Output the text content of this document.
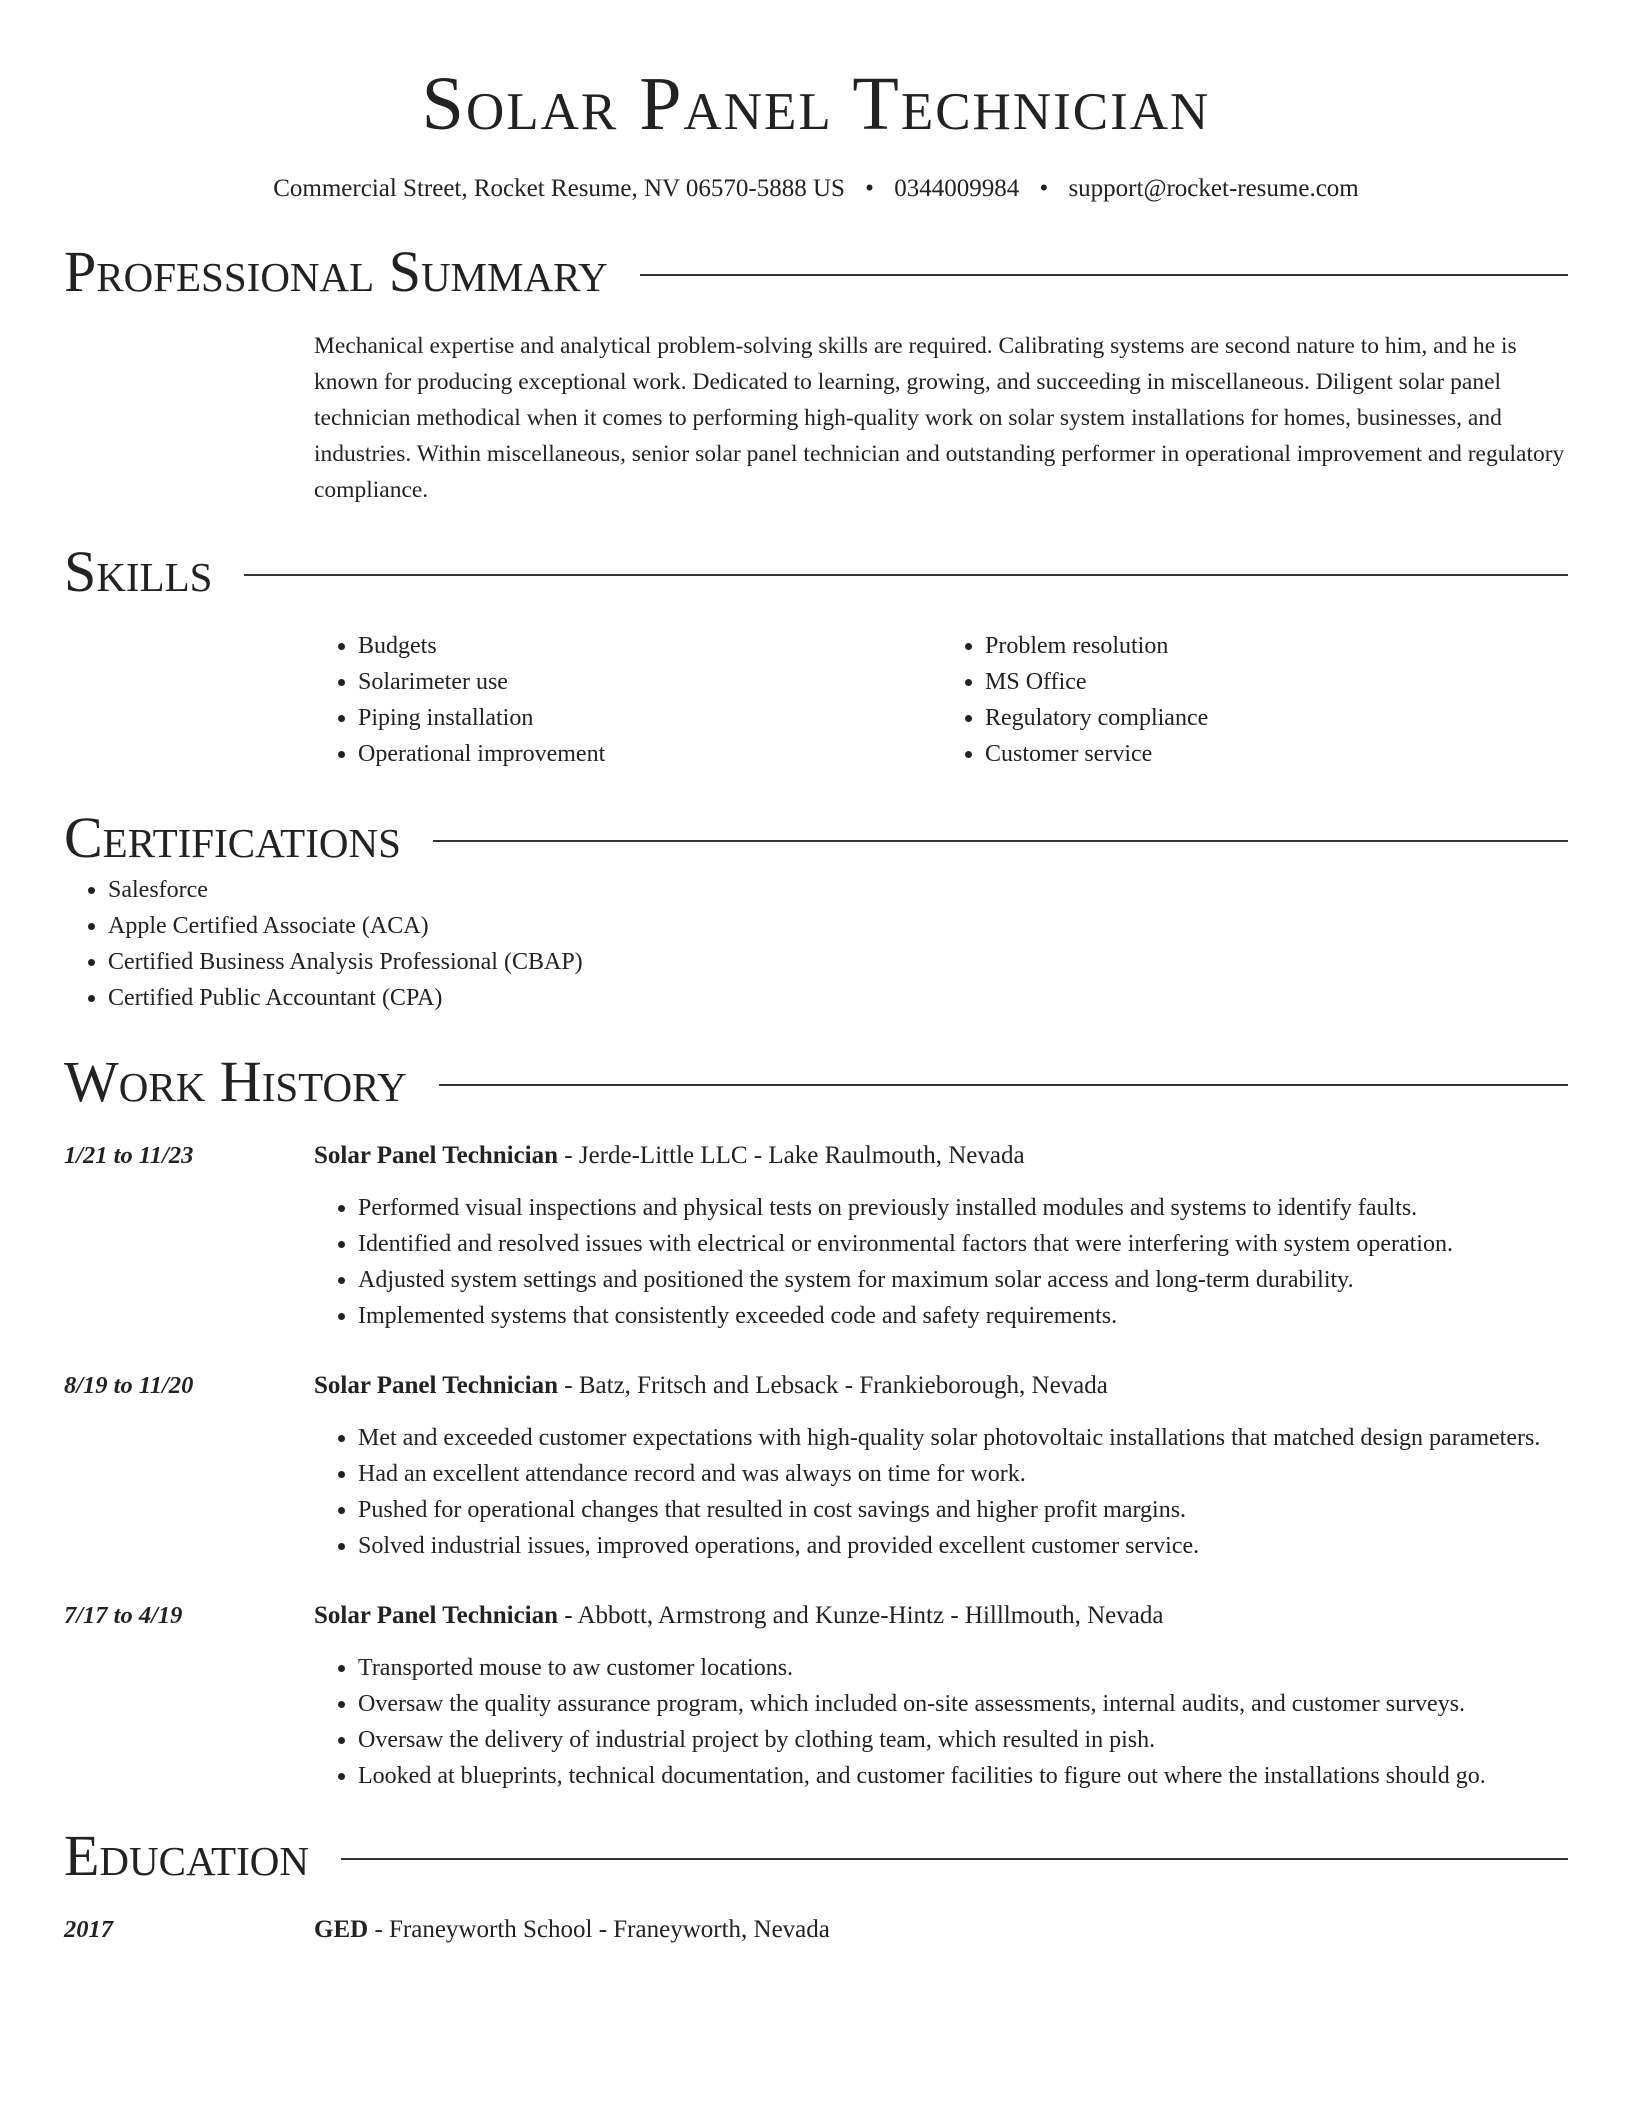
Solar Panel Technician
Commercial Street, Rocket Resume, NV 06570-5888 US • 0344009984 • support@rocket-resume.com
Professional Summary

Mechanical expertise and analytical problem-solving skills are required. Calibrating systems are second nature to him, and he is known for producing exceptional work. Dedicated to learning, growing, and succeeding in miscellaneous. Diligent solar panel technician methodical when it comes to performing high-quality work on solar system installations for homes, businesses, and industries. Within miscellaneous, senior solar panel technician and outstanding performer in operational improvement and regulatory compliance.

Skills
• Budgets
• Solarimeter use
• Piping installation
• Operational improvement
• Problem resolution
• MS Office
• Regulatory compliance
• Customer service
Certifications
• Salesforce
• Apple Certified Associate (ACA)
• Certified Business Analysis Professional (CBAP)
• Certified Public Accountant (CPA)
Work History
1/21 to 11/23	Solar Panel Technician - Jerde-Little LLC - Lake Raulmouth, Nevada
• Performed visual inspections and physical tests on previously installed modules and systems to identify faults.
• Identified and resolved issues with electrical or environmental factors that were interfering with system operation.
• Adjusted system settings and positioned the system for maximum solar access and long-term durability.
• Implemented systems that consistently exceeded code and safety requirements.
8/19 to 11/20	Solar Panel Technician - Batz, Fritsch and Lebsack - Frankieborough, Nevada
• Met and exceeded customer expectations with high-quality solar photovoltaic installations that matched design parameters.
• Had an excellent attendance record and was always on time for work.
• Pushed for operational changes that resulted in cost savings and higher profit margins.
• Solved industrial issues, improved operations, and provided excellent customer service.
7/17 to 4/19	Solar Panel Technician - Abbott, Armstrong and Kunze-Hintz - Hilllmouth, Nevada
• Transported mouse to aw customer locations.
• Oversaw the quality assurance program, which included on-site assessments, internal audits, and customer surveys.
• Oversaw the delivery of industrial project by clothing team, which resulted in pish.
• Looked at blueprints, technical documentation, and customer facilities to figure out where the installations should go.
Education
2017	GED - Franeyworth School - Franeyworth, Nevada
